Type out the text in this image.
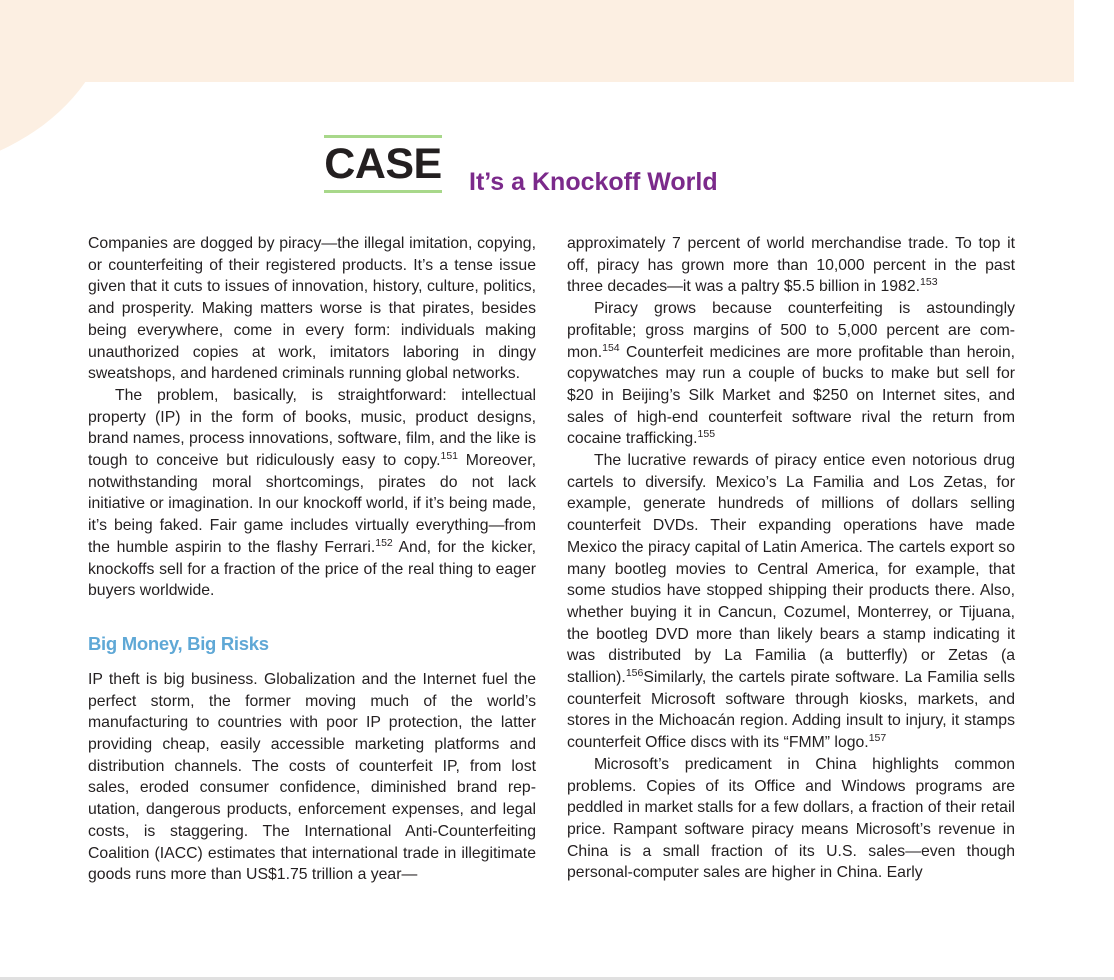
CASE It’s a Knockoff World

Companies are dogged by piracy—the illegal imitation, copying, or counterfeiting of their registered products. It’s a tense issue given that it cuts to issues of innovation, history, culture, politics, and prosperity. Making matters worse is that pirates, besides being everywhere, come in every form: individuals making unauthorized copies at work, imitators laboring in dingy sweatshops, and hardened criminals running global networks.

The problem, basically, is straightforward: intellectual property (IP) in the form of books, music, product designs, brand names, process innovations, software, film, and the like is tough to conceive but ridiculously easy to copy.$^{151}$ Moreover, notwithstanding moral shortcomings, pirates do not lack initiative or imagination. In our knockoff world, if it’s being made, it’s being faked. Fair game includes virtually everything—from the humble aspirin to the flashy Ferrari.$^{152}$ And, for the kicker, knockoffs sell for a fraction of the price of the real thing to eager buyers worldwide.

Big Money, Big Risks

IP theft is big business. Globalization and the Internet fuel the perfect storm, the former moving much of the world’s manufacturing to countries with poor IP protection, the latter providing cheap, easily accessible marketing platforms and distribution channels. The costs of counterfeit IP, from lost sales, eroded consumer confidence, diminished brand reputation, dangerous products, enforcement expenses, and legal costs, is staggering. The International Anti-Counterfeiting Coalition (IACC) estimates that international trade in illegitimate goods runs more than US$1.75 trillion a year—

approximately 7 percent of world merchandise trade. To top it off, piracy has grown more than 10,000 percent in the past three decades—it was a paltry $5.5 billion in 1982.$^{153}$

Piracy grows because counterfeiting is astoundingly profitable; gross margins of 500 to 5,000 percent are common.$^{154}$ Counterfeit medicines are more profitable than heroin, copywatches may run a couple of bucks to make but sell for $20 in Beijing’s Silk Market and $250 on Internet sites, and sales of high-end counterfeit software rival the return from cocaine trafficking.$^{155}$

The lucrative rewards of piracy entice even notorious drug cartels to diversify. Mexico’s La Familia and Los Zetas, for example, generate hundreds of millions of dollars selling counterfeit DVDs. Their expanding operations have made Mexico the piracy capital of Latin America. The cartels export so many bootleg movies to Central America, for example, that some studios have stopped shipping their products there. Also, whether buying it in Cancun, Cozumel, Monterrey, or Tijuana, the bootleg DVD more than likely bears a stamp indicating it was distributed by La Familia (a butterfly) or Zetas (a stallion).$^{156}$Similarly, the cartels pirate software. La Familia sells counterfeit Microsoft software through kiosks, markets, and stores in the Michoacán region. Adding insult to injury, it stamps counterfeit Office discs with its “FMM” logo.$^{157}$

Microsoft’s predicament in China highlights common problems. Copies of its Office and Windows programs are peddled in market stalls for a few dollars, a fraction of their retail price. Rampant software piracy means Microsoft’s revenue in China is a small fraction of its U.S. sales—even though personal-computer sales are higher in China. Early
